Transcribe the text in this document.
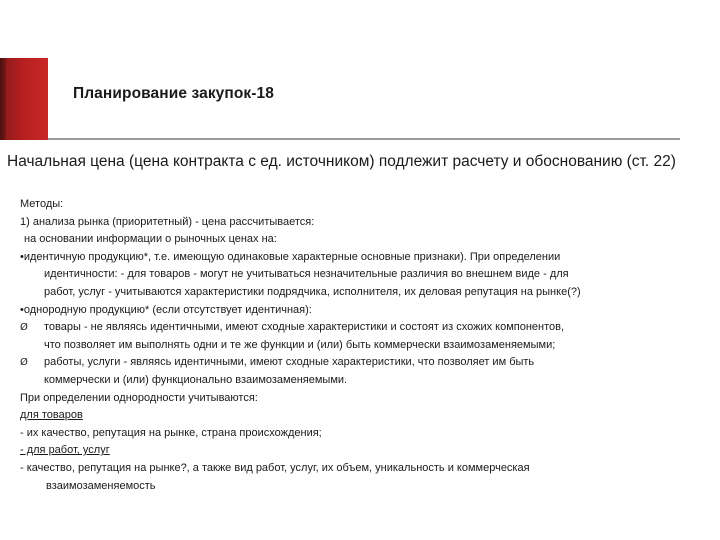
Планирование закупок-18
Начальная цена (цена контракта с ед. источником) подлежит расчету и обоснованию (ст. 22)
Методы:
1) анализа рынка (приоритетный) - цена рассчитывается:
на основании информации о рыночных ценах на:
•идентичную продукцию*, т.е. имеющую одинаковые характерные основные признаки). При определении
идентичности: - для товаров - могут не учитываться незначительные различия во внешнем виде - для
работ, услуг - учитываются характеристики подрядчика, исполнителя, их деловая репутация на рынке(?)
•однородную продукцию* (если отсутствует идентичная):
Ø	товары - не являясь идентичными, имеют сходные характеристики и состоят из схожих компонентов,
что позволяет им выполнять одни и те же функции и (или) быть коммерчески взаимозаменяемыми;
Ø	работы, услуги - являясь идентичными, имеют сходные характеристики, что позволяет им быть
коммерчески и (или) функционально взаимозаменяемыми.
При определении однородности учитываются:
для товаров
- их качество, репутация на рынке, страна происхождения;
- для работ, услуг
- качество, репутация на рынке?, а также вид работ, услуг, их объем, уникальность и коммерческая
взаимозаменяемость
